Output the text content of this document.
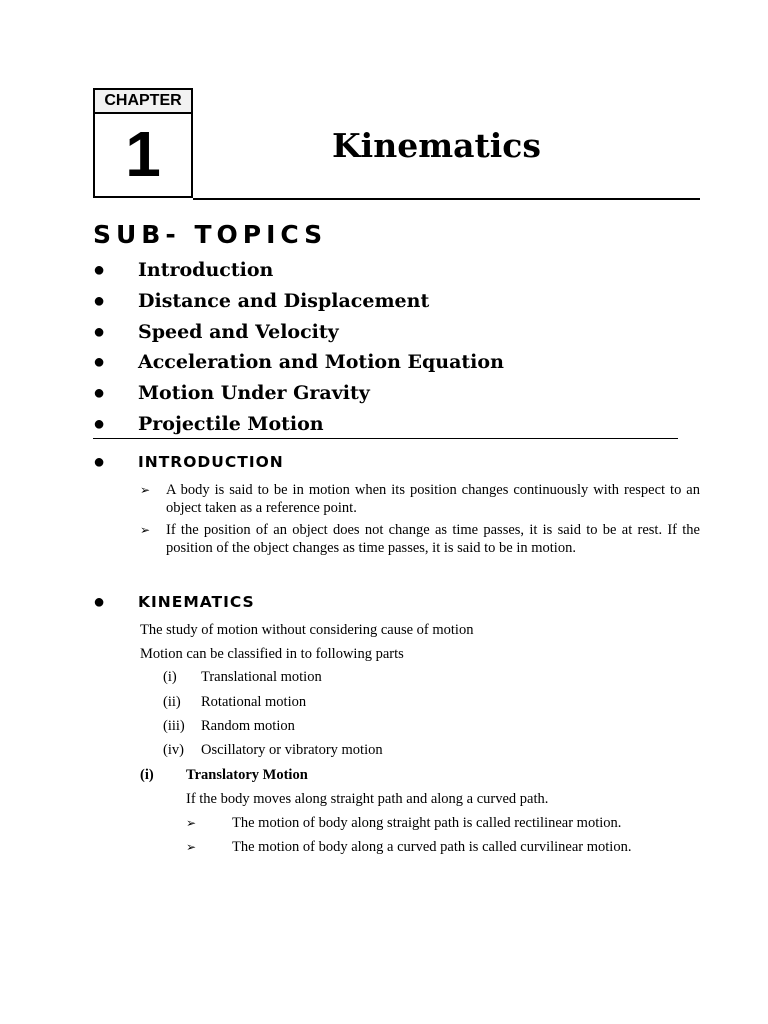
CHAPTER
1	Kinematics
SUB- TOPICS
● Introduction
● Distance and Displacement
● Speed and Velocity
● Acceleration and Motion Equation
● Motion Under Gravity
● Projectile Motion
● INTRODUCTION
➢ A body is said to be in motion when its position changes continuously with respect to an object taken as a reference point.
➢ If the position of an object does not change as time passes, it is said to be at rest. If the position of the object changes as time passes, it is said to be in motion.
● KINEMATICS
The study of motion without considering cause of motion
Motion can be classified in to following parts
(i) Translational motion
(ii) Rotational motion
(iii) Random motion
(iv) Oscillatory or vibratory motion
(i) Translatory Motion
If the body moves along straight path and along a curved path.
➢ The motion of body along straight path is called rectilinear motion.
➢ The motion of body along a curved path is called curvilinear motion.
